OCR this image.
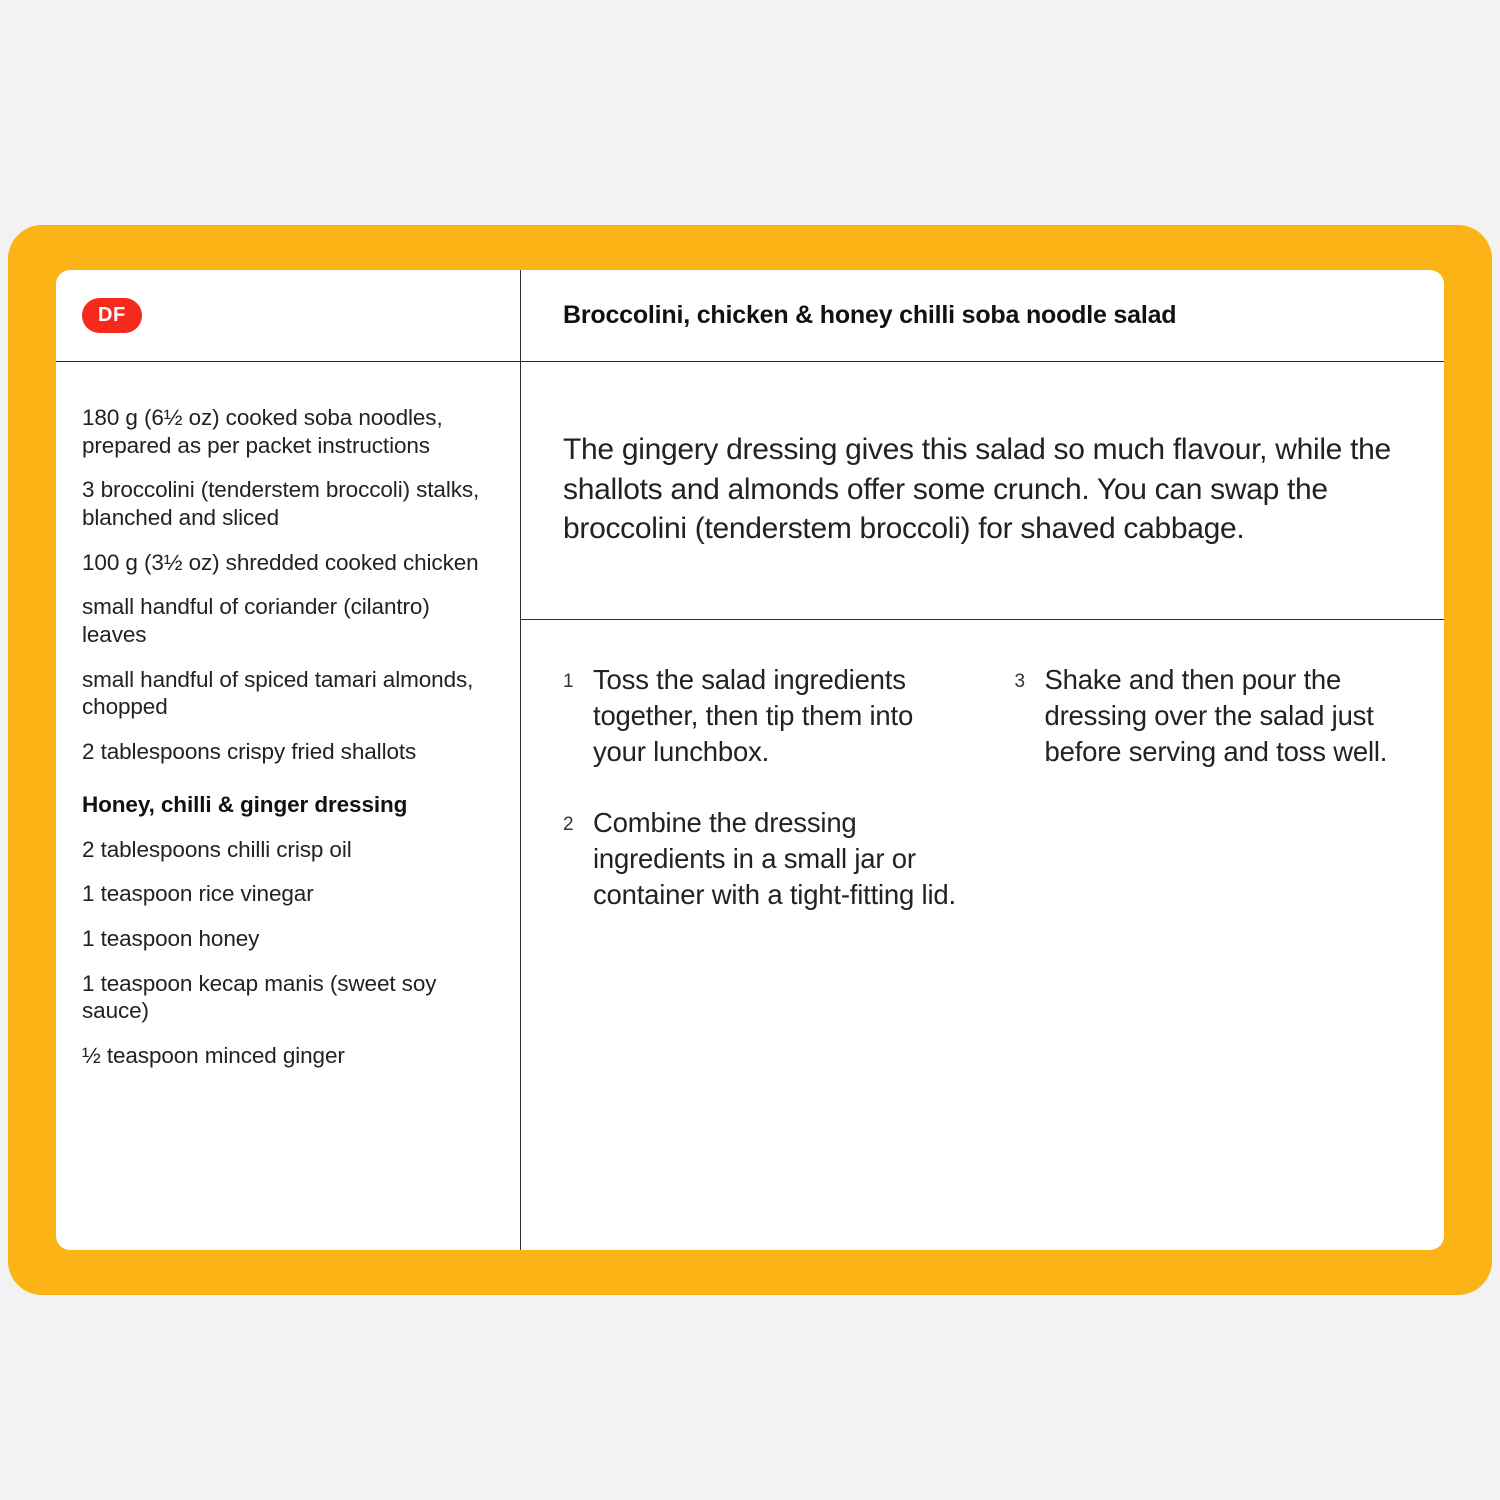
DF
180 g (6½ oz) cooked soba noodles, prepared as per packet instructions
3 broccolini (tenderstem broccoli) stalks, blanched and sliced
100 g (3½ oz) shredded cooked chicken
small handful of coriander (cilantro) leaves
small handful of spiced tamari almonds, chopped
2 tablespoons crispy fried shallots
Honey, chilli & ginger dressing
2 tablespoons chilli crisp oil
1 teaspoon rice vinegar
1 teaspoon honey
1 teaspoon kecap manis (sweet soy sauce)
½ teaspoon minced ginger
Broccolini, chicken & honey chilli soba noodle salad

The gingery dressing gives this salad so much flavour, while the shallots and almonds offer some crunch. You can swap the broccolini (tenderstem broccoli) for shaved cabbage.

1 Toss the salad ingredients together, then tip them into your lunchbox.
2 Combine the dressing ingredients in a small jar or container with a tight-fitting lid.
3 Shake and then pour the dressing over the salad just before serving and toss well.
